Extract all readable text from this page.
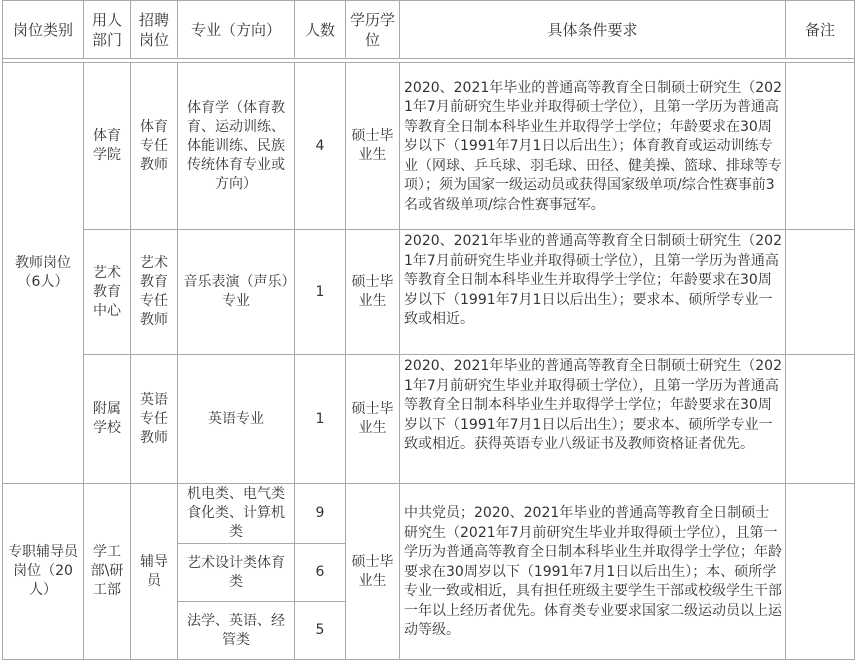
岗位类别	用人部门	招聘岗位	专业（方向）	人数	学历学位	具体条件要求	备注

教师岗位（6人）	体育学院	体育专任教师	体育学（体育教育、运动训练、体能训练、民族传统体育专业或方向）	4	硕士毕业生	2020、2021年毕业的普通高等教育全日制硕士研究生（2021年7月前研究生毕业并取得硕士学位），且第一学历为普通高等教育全日制本科毕业生并取得学士学位；年龄要求在30周岁以下（1991年7月1日以后出生）；体育教育或运动训练专业（网球、乒乓球、羽毛球、田径、健美操、篮球、排球等专项）；须为国家一级运动员或获得国家级单项/综合性赛事前3名或省级单项/综合性赛事冠军。	
	艺术教育中心	艺术教育专任教师	音乐表演（声乐）专业	1	硕士毕业生	2020、2021年毕业的普通高等教育全日制硕士研究生（2021年7月前研究生毕业并取得硕士学位），且第一学历为普通高等教育全日制本科毕业生并取得学士学位；年龄要求在30周岁以下（1991年7月1日以后出生）；要求本、硕所学专业一致或相近。	
	附属学校	英语专任教师	英语专业	1	硕士毕业生	2020、2021年毕业的普通高等教育全日制硕士研究生（2021年7月前研究生毕业并取得硕士学位），且第一学历为普通高等教育全日制本科毕业生并取得学士学位；年龄要求在30周岁以下（1991年7月1日以后出生）；要求本、硕所学专业一致或相近。获得英语专业八级证书及教师资格证者优先。	
专职辅导员岗位（20人）	学工部\研工部	辅导员	机电类、电气类食化类、计算机类	9	硕士毕业生	中共党员；2020、2021年毕业的普通高等教育全日制硕士研究生（2021年7月前研究生毕业并取得硕士学位），且第一学历为普通高等教育全日制本科毕业生并取得学士学位；年龄要求在30周岁以下（1991年7月1日以后出生）；本、硕所学专业一致或相近，具有担任班级主要学生干部或校级学生干部一年以上经历者优先。体育类专业要求国家二级运动员以上运动等级。	
			艺术设计类体育类	6			
			法学、英语、经管类	5			
